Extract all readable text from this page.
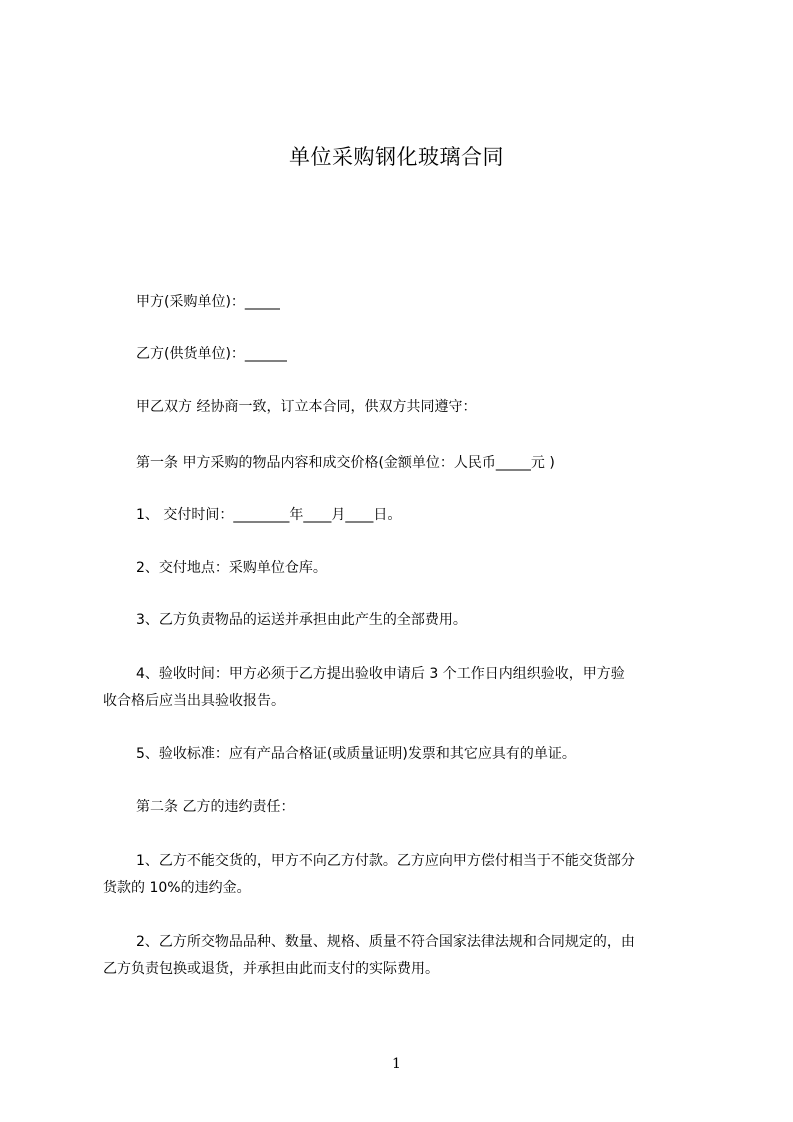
单位采购钢化玻璃合同
甲方(采购单位)：_____
乙方(供货单位)：______
甲乙双方 经协商一致，订立本合同，供双方共同遵守：
第一条 甲方采购的物品内容和成交价格(金额单位：人民币_____元 )
1、 交付时间：________年____月____日。
2、交付地点：采购单位仓库。
3、乙方负责物品的运送并承担由此产生的全部费用。
4、验收时间：甲方必须于乙方提出验收申请后 3 个工作日内组织验收，甲方验
收合格后应当出具验收报告。
5、验收标准：应有产品合格证(或质量证明)发票和其它应具有的单证。
第二条 乙方的违约责任：
1、乙方不能交货的，甲方不向乙方付款。乙方应向甲方偿付相当于不能交货部分
货款的 10%的违约金。
2、乙方所交物品品种、数量、规格、质量不符合国家法律法规和合同规定的，由
乙方负责包换或退货，并承担由此而支付的实际费用。
1
